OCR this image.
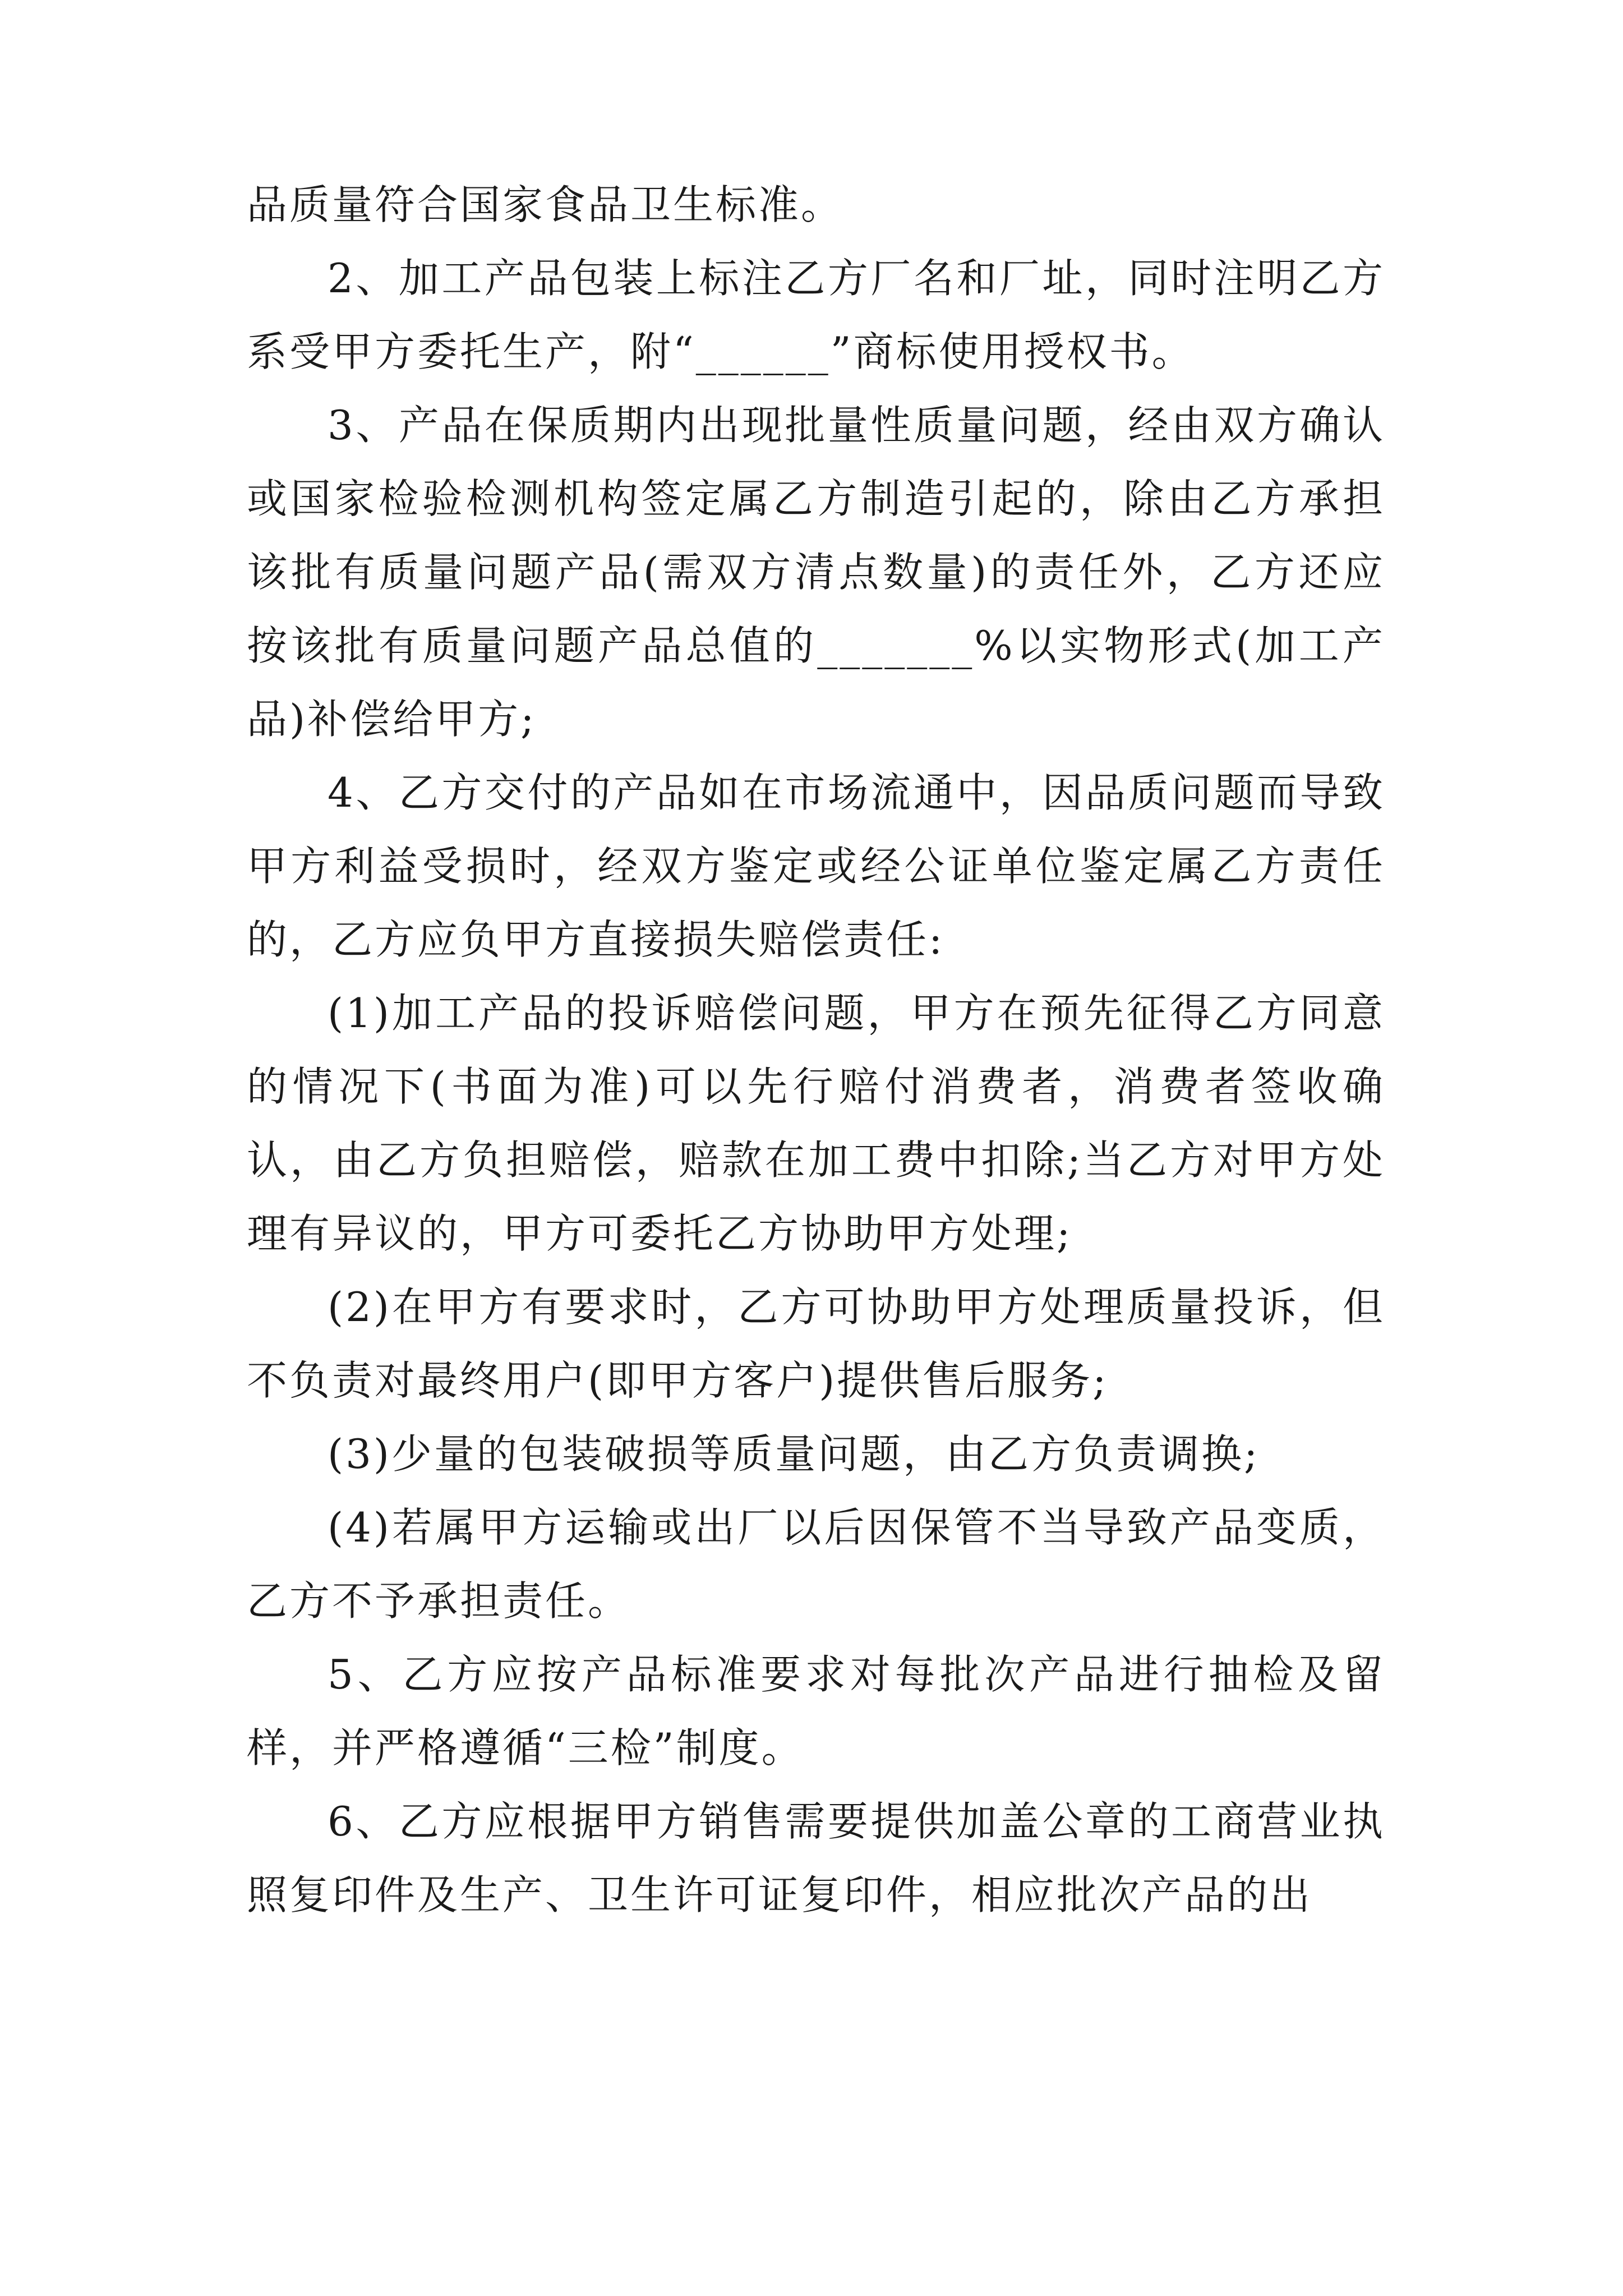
品质量符合国家食品卫生标准。

2、加工产品包装上标注乙方厂名和厂址，同时注明乙方系受甲方委托生产，附“______”商标使用授权书。

3、产品在保质期内出现批量性质量问题，经由双方确认或国家检验检测机构签定属乙方制造引起的，除由乙方承担该批有质量问题产品(需双方清点数量)的责任外，乙方还应按该批有质量问题产品总值的_______%以实物形式(加工产品)补偿给甲方;

4、乙方交付的产品如在市场流通中，因品质问题而导致甲方利益受损时，经双方鉴定或经公证单位鉴定属乙方责任的，乙方应负甲方直接损失赔偿责任:

(1)加工产品的投诉赔偿问题，甲方在预先征得乙方同意的情况下(书面为准)可以先行赔付消费者，消费者签收确认，由乙方负担赔偿，赔款在加工费中扣除;当乙方对甲方处理有异议的，甲方可委托乙方协助甲方处理;

(2)在甲方有要求时，乙方可协助甲方处理质量投诉，但不负责对最终用户(即甲方客户)提供售后服务;

(3)少量的包装破损等质量问题，由乙方负责调换;

(4)若属甲方运输或出厂以后因保管不当导致产品变质，乙方不予承担责任。

5、乙方应按产品标准要求对每批次产品进行抽检及留样，并严格遵循“三检”制度。

6、乙方应根据甲方销售需要提供加盖公章的工商营业执照复印件及生产、卫生许可证复印件，相应批次产品的出
